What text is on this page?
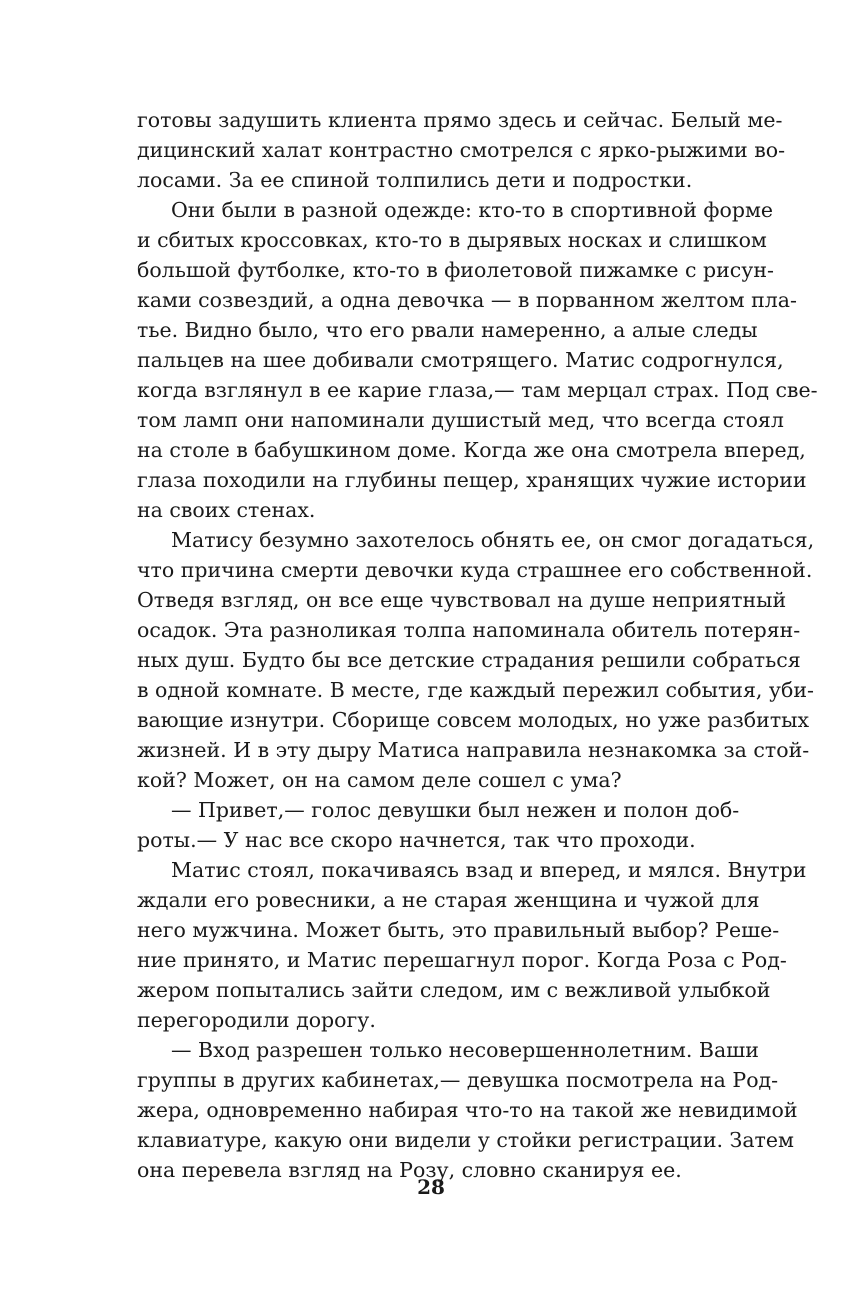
готовы задушить клиента прямо здесь и сейчас. Белый ме-
дицинский халат контрастно смотрелся с ярко-рыжими во-
лосами. За ее спиной толпились дети и подростки.
Они были в разной одежде: кто-то в спортивной форме
и сбитых кроссовках, кто-то в дырявых носках и слишком
большой футболке, кто-то в фиолетовой пижамке с рисун-
ками созвездий, а одна девочка — в порванном желтом пла-
тье. Видно было, что его рвали намеренно, а алые следы
пальцев на шее добивали смотрящего. Матис содрогнулся,
когда взглянул в ее карие глаза,— там мерцал страх. Под све-
том ламп они напоминали душистый мед, что всегда стоял
на столе в бабушкином доме. Когда же она смотрела вперед,
глаза походили на глубины пещер, хранящих чужие истории
на своих стенах.
Матису безумно захотелось обнять ее, он смог догадаться,
что причина смерти девочки куда страшнее его собственной.
Отведя взгляд, он все еще чувствовал на душе неприятный
осадок. Эта разноликая толпа напоминала обитель потерян-
ных душ. Будто бы все детские страдания решили собраться
в одной комнате. В месте, где каждый пережил события, уби-
вающие изнутри. Сборище совсем молодых, но уже разбитых
жизней. И в эту дыру Матиса направила незнакомка за стой-
кой? Может, он на самом деле сошел с ума?
— Привет,— голос девушки был нежен и полон доб-
роты.— У нас все скоро начнется, так что проходи.
Матис стоял, покачиваясь взад и вперед, и мялся. Внутри
ждали его ровесники, а не старая женщина и чужой для
него мужчина. Может быть, это правильный выбор? Реше-
ние принято, и Матис перешагнул порог. Когда Роза с Род-
жером попытались зайти следом, им с вежливой улыбкой
перегородили дорогу.
— Вход разрешен только несовершеннолетним. Ваши
группы в других кабинетах,— девушка посмотрела на Род-
жера, одновременно набирая что-то на такой же невидимой
клавиатуре, какую они видели у стойки регистрации. Затем
она перевела взгляд на Розу, словно сканируя ее.
28
